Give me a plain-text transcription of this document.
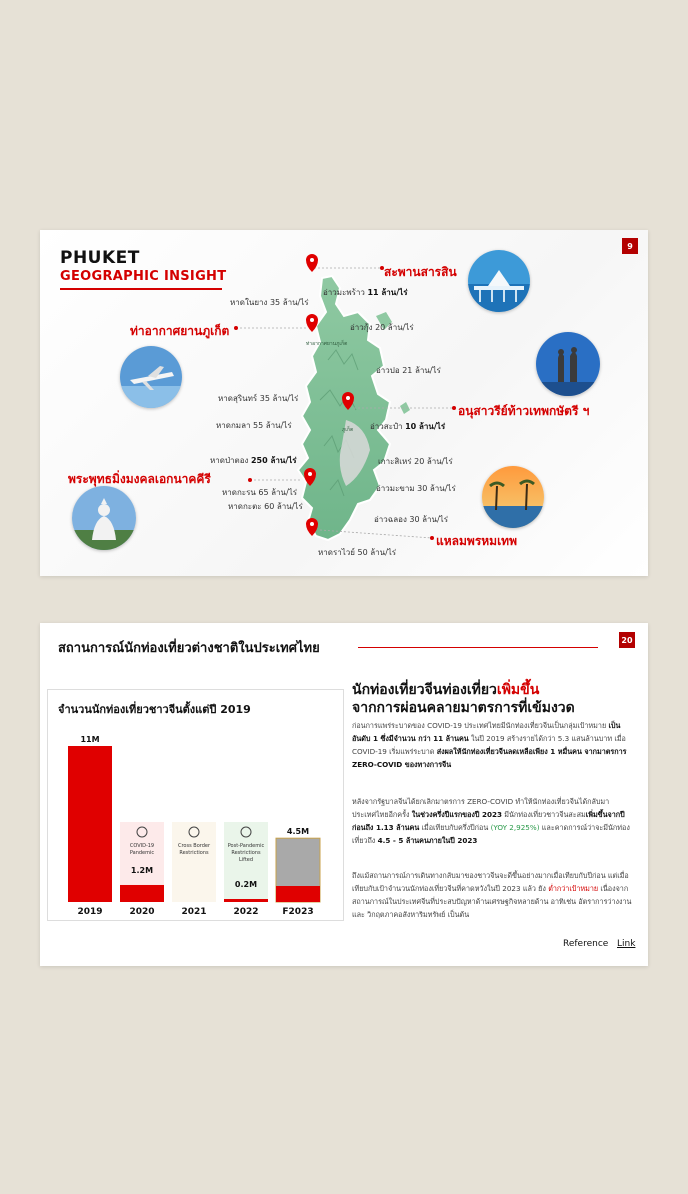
9
PHUKET
GEOGRAPHIC INSIGHT
ท่าอากาศยานภูเก็ต
ภูเก็ต
อ่าวมะพร้าว 11 ล้าน/ไร่
หาดในยาง 35 ล้าน/ไร่
อ่าวกุ้ง 20 ล้าน/ไร่
อ่าวปอ 21 ล้าน/ไร่
หาดสุรินทร์ 35 ล้าน/ไร่
อ่าวสะปำ 10 ล้าน/ไร่
หาดกมลา 55 ล้าน/ไร่
หาดป่าตอง 250 ล้าน/ไร่	เกาะสิเหร่ 20 ล้าน/ไร่
หาดกะรน 65 ล้าน/ไร่	อ่าวมะขาม 30 ล้าน/ไร่
หาดกะตะ 60 ล้าน/ไร่
อ่าวฉลอง 30 ล้าน/ไร่
หาดราไวย์ 50 ล้าน/ไร่
สะพานสารสิน
ท่าอากาศยานภูเก็ต
อนุสาวรีย์ท้าวเทพกษัตรี ฯ
พระพุทธมิ่งมงคลเอกนาคคีรี
แหลมพรหมเทพ
สถานการณ์นักท่องเที่ยวต่างชาติในประเทศไทย
20
จำนวนนักท่องเที่ยวชาวจีนตั้งแต่ปี 2019
11M
2019
COVID-19
Pandemic
1.2M
2020
Cross Border
Restrictions
2021
Post-Pandemic
Restrictions
Lifted
0.2M
2022
4.5M
F2023
นักท่องเที่ยวจีนท่องเที่ยวเพิ่มขึ้น
จากการผ่อนคลายมาตรการที่เข้มงวด
ก่อนการแพร่ระบาดของ COVID-19 ประเทศไทยมีนักท่องเที่ยวจีนเป็นกลุ่มเป้าหมาย เป็นอันดับ 1 ซึ่งมีจำนวน กว่า 11 ล้านคน ในปี 2019 สร้างรายได้กว่า 5.3 แสนล้านบาท เมื่อ COVID-19 เริ่มแพร่ระบาด ส่งผลให้นักท่องเที่ยวจีนลดเหลือเพียง 1 หมื่นคน จากมาตรการ ZERO-COVID ของทางการจีน
หลังจากรัฐบาลจีนได้ยกเลิกมาตรการ ZERO-COVID ทำให้นักท่องเที่ยวจีนได้กลับมาประเทศไทยอีกครั้ง ในช่วงครึ่งปีแรกของปี 2023 มีนักท่องเที่ยวชาวจีนสะสมเพิ่มขึ้นจากปีก่อนถึง 1.13 ล้านคน เมื่อเทียบกับครึ่งปีก่อน (YOY 2,925%) และคาดการณ์ว่าจะมีนักท่องเที่ยวถึง 4.5 - 5 ล้านคนภายในปี 2023
ถึงแม้สถานการณ์การเดินทางกลับมาของชาวจีนจะดีขึ้นอย่างมากเมื่อเทียบกับปีก่อน แต่เมื่อเทียบกับเป้าจำนวนนักท่องเที่ยวจีนที่คาดหวังในปี 2023 แล้ว ยัง ต่ำกว่าเป้าหมาย เนื่องจากสถานการณ์ในประเทศจีนที่ประสบปัญหาด้านเศรษฐกิจหลายด้าน อาทิเช่น อัตราการว่างงาน และ วิกฤตภาคอสังหาริมทรัพย์ เป็นต้น
Reference Link
